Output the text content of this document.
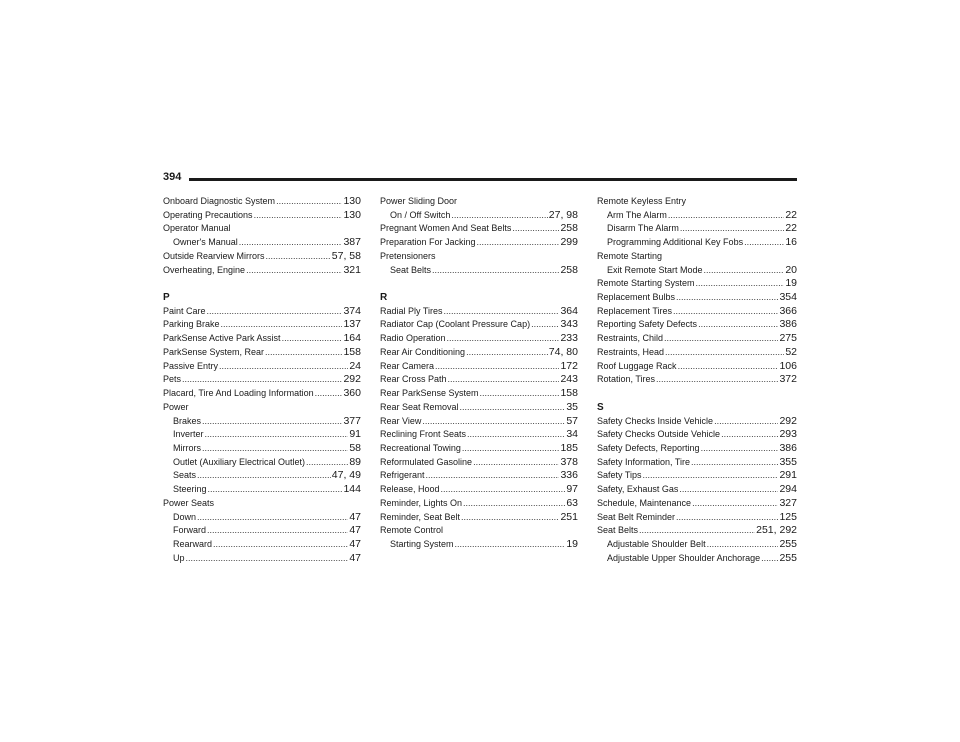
394
Onboard Diagnostic System .....	130
Operating Precautions .....	130
Operator Manual
Owner's Manual .....	387
Outside Rearview Mirrors .....	57, 58
Overheating, Engine .....	321
P
Paint Care .....	374
Parking Brake .....	137
ParkSense Active Park Assist .....	164
ParkSense System, Rear .....	158
Passive Entry .....	24
Pets .....	292
Placard, Tire And Loading Information .....	360
Power
Brakes .....	377
Inverter .....	91
Mirrors .....	58
Outlet (Auxiliary Electrical Outlet) .....	89
Seats .....	47, 49
Steering .....	144
Power Seats
Down .....	47
Forward .....	47
Rearward .....	47
Up .....	47
Power Sliding Door
On / Off Switch .....	27, 98
Pregnant Women And Seat Belts .....	258
Preparation For Jacking .....	299
Pretensioners
Seat Belts .....	258
R
Radial Ply Tires .....	364
Radiator Cap (Coolant Pressure Cap) .....	343
Radio Operation .....	233
Rear Air Conditioning .....	74, 80
Rear Camera .....	172
Rear Cross Path .....	243
Rear ParkSense System .....	158
Rear Seat Removal .....	35
Rear View .....	57
Reclining Front Seats .....	34
Recreational Towing .....	185
Reformulated Gasoline .....	378
Refrigerant .....	336
Release, Hood .....	97
Reminder, Lights On .....	63
Reminder, Seat Belt .....	251
Remote Control
Starting System .....	19
Remote Keyless Entry
Arm The Alarm .....	22
Disarm The Alarm .....	22
Programming Additional Key Fobs .....	16
Remote Starting
Exit Remote Start Mode .....	20
Remote Starting System .....	19
Replacement Bulbs .....	354
Replacement Tires .....	366
Reporting Safety Defects .....	386
Restraints, Child .....	275
Restraints, Head .....	52
Roof Luggage Rack .....	106
Rotation, Tires .....	372
S
Safety Checks Inside Vehicle .....	292
Safety Checks Outside Vehicle .....	293
Safety Defects, Reporting .....	386
Safety Information, Tire .....	355
Safety Tips .....	291
Safety, Exhaust Gas .....	294
Schedule, Maintenance .....	327
Seat Belt Reminder .....	125
Seat Belts .....	251, 292
Adjustable Shoulder Belt .....	255
Adjustable Upper Shoulder Anchorage ..... 255
